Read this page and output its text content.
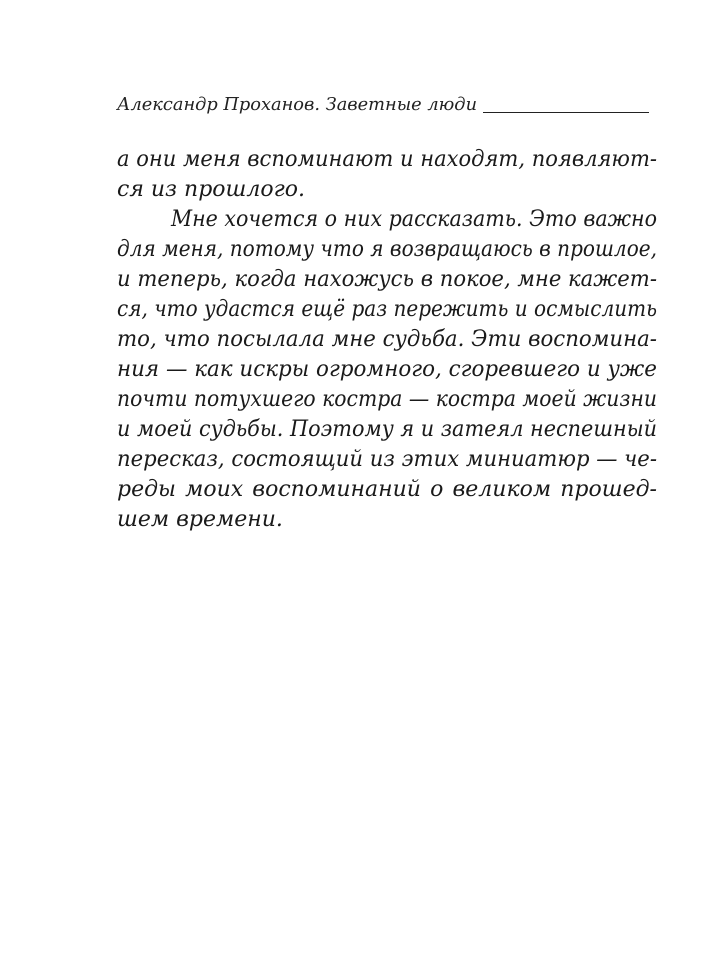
Александр Проханов. Заветные люди
а они меня вспоминают и находят, появляют-
ся из прошлого.
Мне хочется о них рассказать. Это важно
для меня, потому что я возвращаюсь в прошлое,
и теперь, когда нахожусь в покое, мне кажет-
ся, что удастся ещё раз пережить и осмыслить
то, что посылала мне судьба. Эти воспомина-
ния — как искры огромного, сгоревшего и уже
почти потухшего костра — костра моей жизни
и моей судьбы. Поэтому я и затеял неспешный
пересказ, состоящий из этих миниатюр — че-
реды моих воспоминаний о великом прошед-
шем времени.
